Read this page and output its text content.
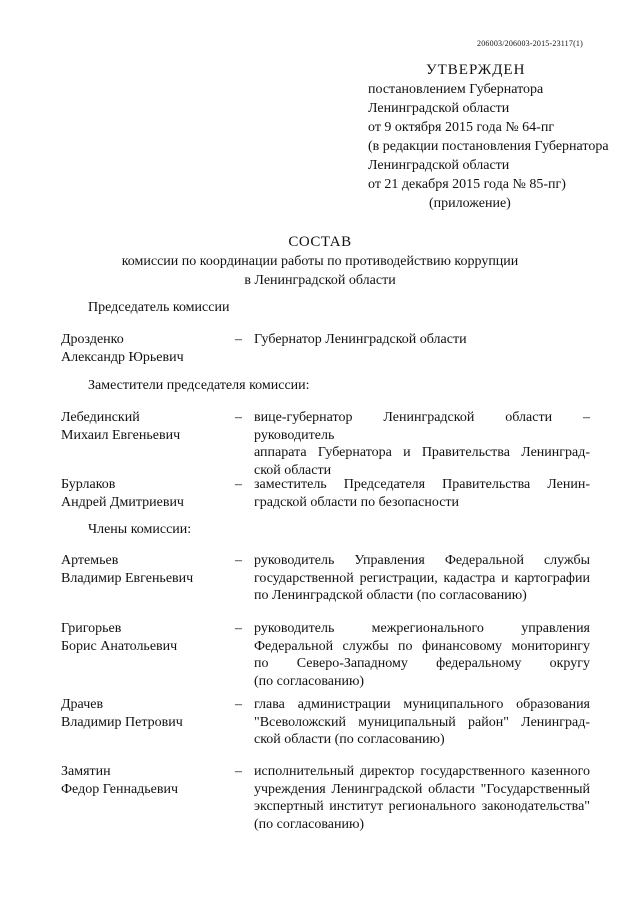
206003/206003-2015-23117(1)
УТВЕРЖДЕН
постановлением Губернатора
Ленинградской области
от 9 октября 2015 года № 64-пг
(в редакции постановления Губернатора
Ленинградской области
от 21 декабря 2015 года № 85-пг)
(приложение)
СОСТАВ
комиссии по координации работы по противодействию коррупции
в Ленинградской области
Председатель комиссии
Дрозденко
Александр Юрьевич
– Губернатор Ленинградской области
Заместители председателя комиссии:
Лебединский
Михаил Евгеньевич
– вице-губернатор Ленинградской области – руководитель
аппарата Губернатора и Правительства Ленинград-
ской области
Бурлаков
Андрей Дмитриевич
– заместитель Председателя Правительства Ленин-
градской области по безопасности
Члены комиссии:
Артемьев
Владимир Евгеньевич
– руководитель Управления Федеральной службы
государственной регистрации, кадастра и картографии
по Ленинградской области (по согласованию)
Григорьев
Борис Анатольевич
– руководитель межрегионального управления
Федеральной службы по финансовому мониторингу
по Северо-Западному федеральному округу
(по согласованию)
Драчев
Владимир Петрович
– глава администрации муниципального образования
"Всеволожский муниципальный район" Ленинград-
ской области (по согласованию)
Замятин
Федор Геннадьевич
– исполнительный директор государственного казенного
учреждения Ленинградской области "Государственный
экспертный институт регионального законодательства"
(по согласованию)
